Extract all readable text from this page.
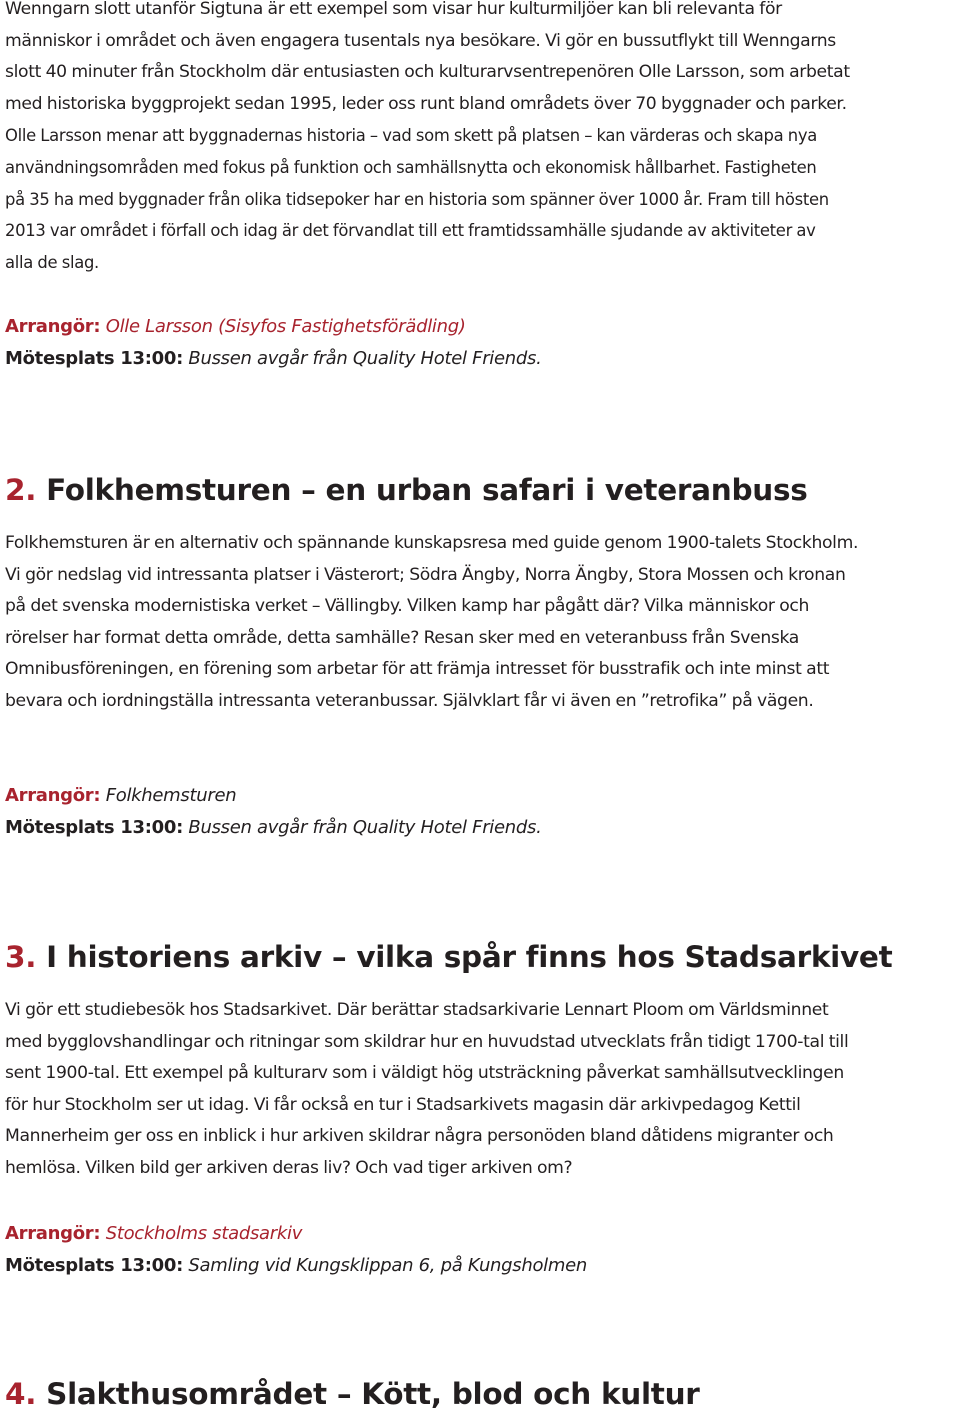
Wenngarn slott utanför Sigtuna är ett exempel som visar hur kulturmiljöer kan bli relevanta för
människor i området och även engagera tusentals nya besökare. Vi gör en bussutflykt till Wenngarns
slott 40 minuter från Stockholm där entusiasten och kulturarvsentrepenören Olle Larsson, som arbetat
med historiska byggprojekt sedan 1995, leder oss runt bland områdets över 70 byggnader och parker.
Olle Larsson menar att byggnadernas historia – vad som skett på platsen – kan värderas och skapa nya
användningsområden med fokus på funktion och samhällsnytta och ekonomisk hållbarhet. Fastigheten
på 35 ha med byggnader från olika tidsepoker har en historia som spänner över 1000 år. Fram till hösten
2013 var området i förfall och idag är det förvandlat till ett framtidssamhälle sjudande av aktiviteter av
alla de slag.
Arrangör: Olle Larsson (Sisyfos Fastighetsförädling)
Mötesplats 13:00: Bussen avgår från Quality Hotel Friends.
2. Folkhemsturen – en urban safari i veteranbuss
Folkhemsturen är en alternativ och spännande kunskapsresa med guide genom 1900-talets Stockholm.
Vi gör nedslag vid intressanta platser i Västerort; Södra Ängby, Norra Ängby, Stora Mossen och kronan
på det svenska modernistiska verket – Vällingby. Vilken kamp har pågått där? Vilka människor och
rörelser har format detta område, detta samhälle? Resan sker med en veteranbuss från Svenska
Omnibusföreningen, en förening som arbetar för att främja intresset för busstrafik och inte minst att
bevara och iordningställa intressanta veteranbussar. Självklart får vi även en ”retrofika” på vägen.
Arrangör: Folkhemsturen
Mötesplats 13:00: Bussen avgår från Quality Hotel Friends.
3. I historiens arkiv – vilka spår finns hos Stadsarkivet
Vi gör ett studiebesök hos Stadsarkivet. Där berättar stadsarkivarie Lennart Ploom om Världsminnet
med bygglovshandlingar och ritningar som skildrar hur en huvudstad utvecklats från tidigt 1700-tal till
sent 1900-tal. Ett exempel på kulturarv som i väldigt hög utsträckning påverkat samhällsutvecklingen
för hur Stockholm ser ut idag. Vi får också en tur i Stadsarkivets magasin där arkivpedagog Kettil
Mannerheim ger oss en inblick i hur arkiven skildrar några personöden bland dåtidens migranter och
hemlösa. Vilken bild ger arkiven deras liv? Och vad tiger arkiven om?
Arrangör: Stockholms stadsarkiv
Mötesplats 13:00: Samling vid Kungsklippan 6, på Kungsholmen
4. Slakthusområdet – Kött, blod och kultur
